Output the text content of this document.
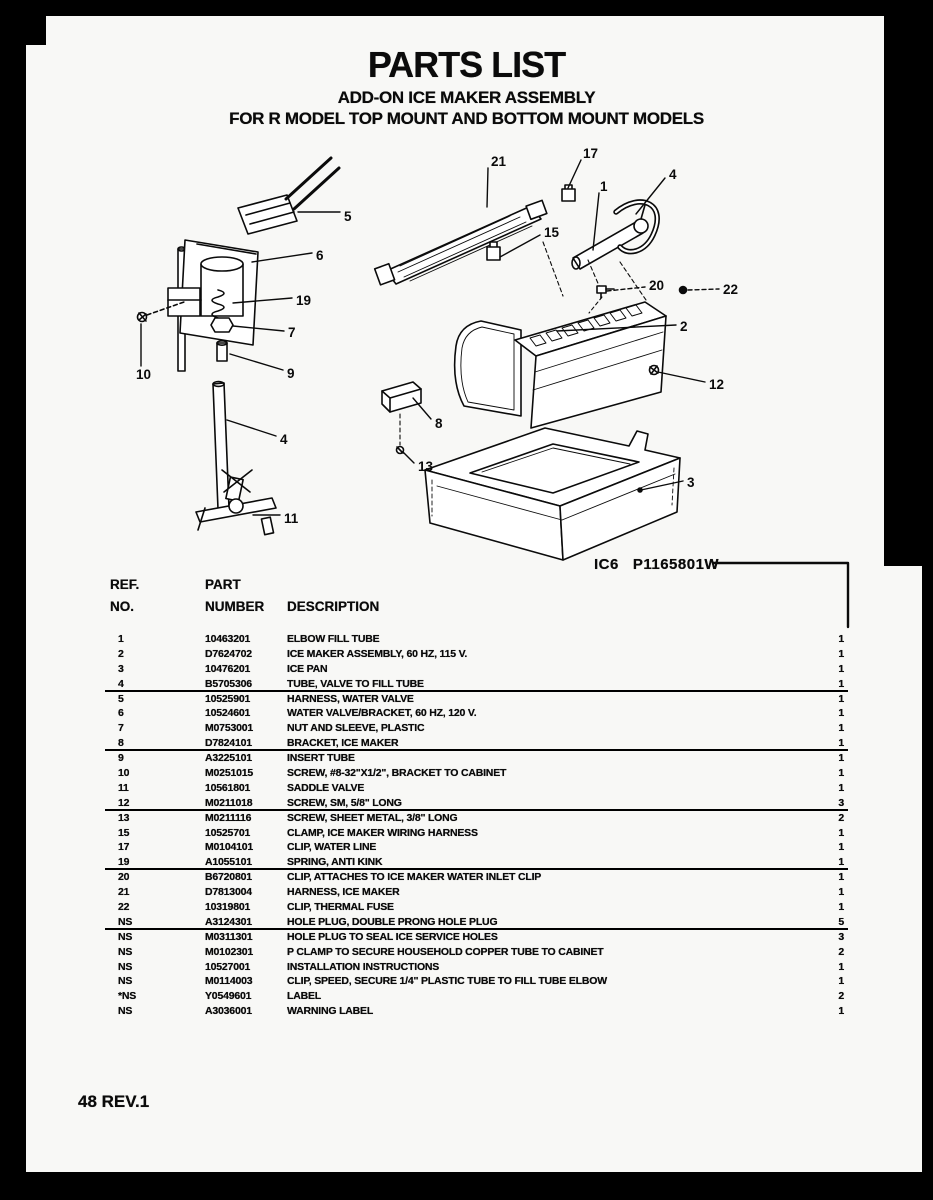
PARTS LIST
ADD-ON ICE MAKER ASSEMBLY
FOR R MODEL TOP MOUNT AND BOTTOM MOUNT MODELS
5
6
19
7
10	9
4
11
21
17
1
4
15
20	22
2
12
8
13
3
IC6   P1165801W
REF.	PART
NO.	NUMBER	DESCRIPTION
1	10463201	ELBOW FILL TUBE	1
2	D7624702	ICE MAKER ASSEMBLY, 60 HZ, 115 V.	1
3	10476201	ICE PAN	1
4	B5705306	TUBE, VALVE TO FILL TUBE	1
5	10525901	HARNESS, WATER VALVE	1
6	10524601	WATER VALVE/BRACKET, 60 HZ, 120 V.	1
7	M0753001	NUT AND SLEEVE, PLASTIC	1
8	D7824101	BRACKET, ICE MAKER	1
9	A3225101	INSERT TUBE	1
10	M0251015	SCREW, #8-32"X1/2", BRACKET TO CABINET	1
11	10561801	SADDLE VALVE	1
12	M0211018	SCREW, SM, 5/8" LONG	3
13	M0211116	SCREW, SHEET METAL, 3/8" LONG	2
15	10525701	CLAMP, ICE MAKER WIRING HARNESS	1
17	M0104101	CLIP, WATER LINE	1
19	A1055101	SPRING, ANTI KINK	1
20	B6720801	CLIP, ATTACHES TO ICE MAKER WATER INLET CLIP	1
21	D7813004	HARNESS, ICE MAKER	1
22	10319801	CLIP, THERMAL FUSE	1
NS	A3124301	HOLE PLUG, DOUBLE PRONG HOLE PLUG	5
NS	M0311301	HOLE PLUG TO SEAL ICE SERVICE HOLES	3
NS	M0102301	P CLAMP TO SECURE HOUSEHOLD COPPER TUBE TO CABINET	2
NS	10527001	INSTALLATION INSTRUCTIONS	1
NS	M0114003	CLIP, SPEED, SECURE 1/4" PLASTIC TUBE TO FILL TUBE ELBOW	1
*NS	Y0549601	LABEL	2
NS	A3036001	WARNING LABEL	1
48 REV.1
